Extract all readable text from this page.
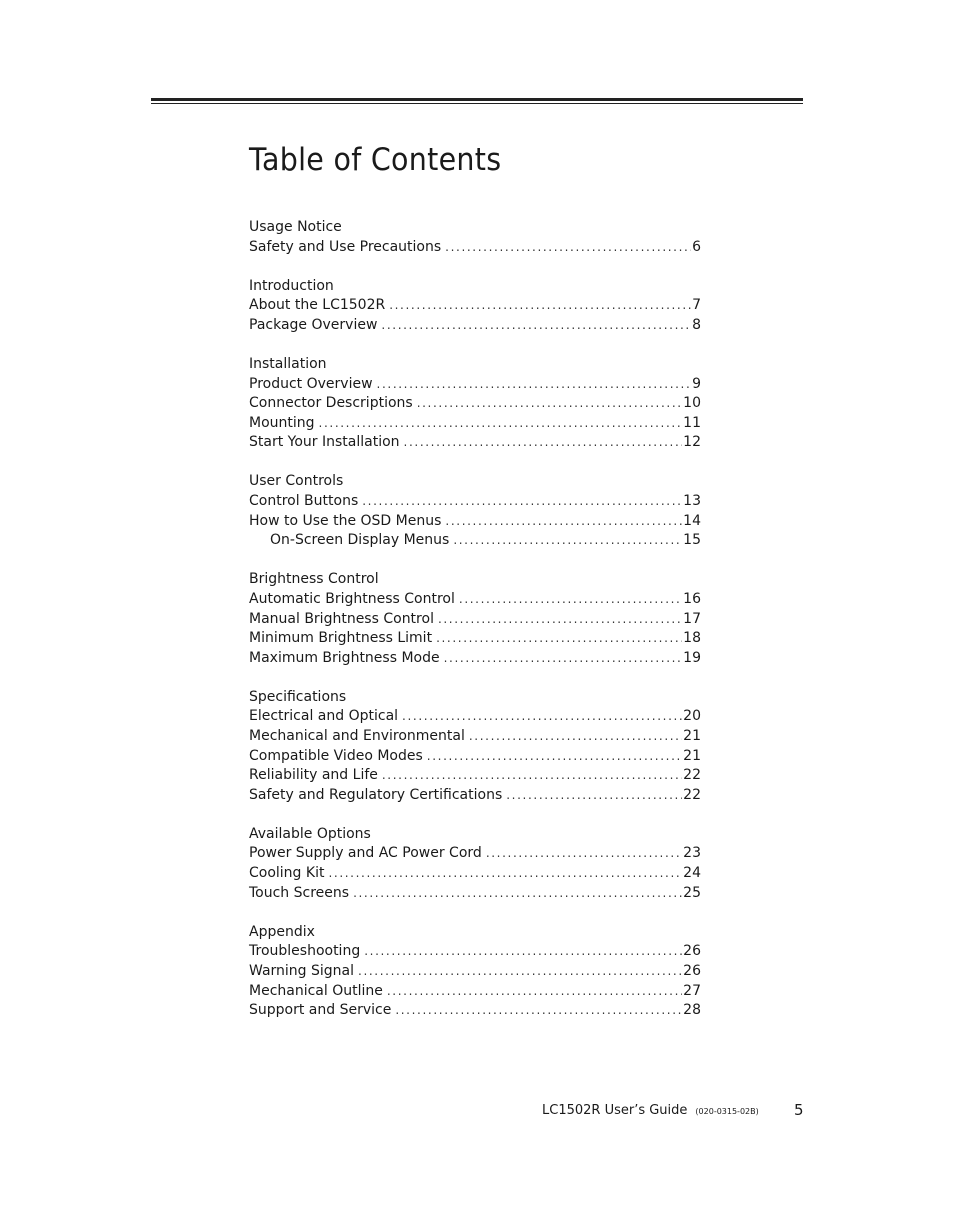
Table of Contents
Usage Notice
Safety and Use Precautions . . .	6
Introduction
About the LC1502R . . .	7
Package Overview . . .	8
Installation
Product Overview . . .	9
Connector Descriptions . . .	10
Mounting . . .	11
Start Your Installation . . .	12
User Controls
Control Buttons . . .	13
How to Use the OSD Menus . . .	14
On-Screen Display Menus . . .	15
Brightness Control
Automatic Brightness Control . . .	16
Manual Brightness Control . . .	17
Minimum Brightness Limit . . .	18
Maximum Brightness Mode . . .	19
Specifications
Electrical and Optical . . .	20
Mechanical and Environmental . . .	21
Compatible Video Modes . . .	21
Reliability and Life . . .	22
Safety and Regulatory Certifications . . .	22
Available Options
Power Supply and AC Power Cord . . .	23
Cooling Kit . . .	24
Touch Screens . . .	25
Appendix
Troubleshooting . . .	26
Warning Signal . . .	26
Mechanical Outline . . .	27
Support and Service . . .	28
LC1502R User’s Guide (020-0315-02B) 5
